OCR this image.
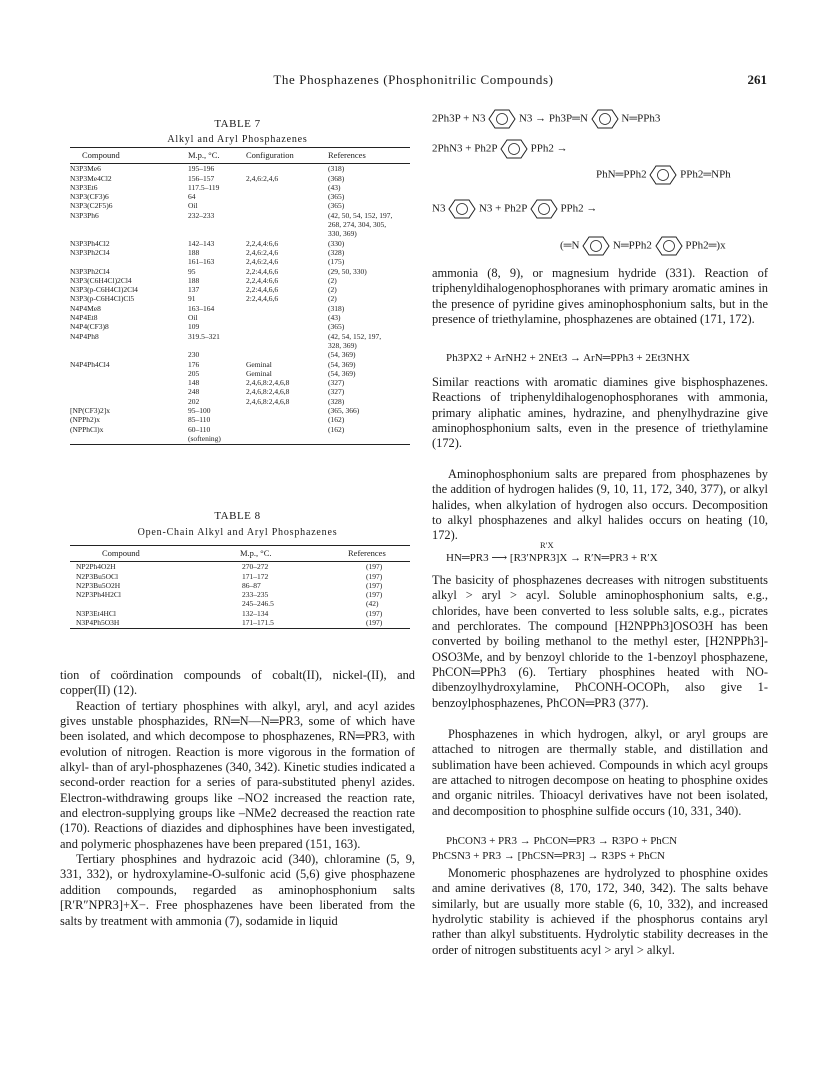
The Phosphazenes (Phosphonitrilic Compounds)	261
TABLE 7
Alkyl and Aryl Phosphazenes
Compound	M.p., °C.	Configuration	References
N3P3Me6	195–196		(318)
N3P3Me4Cl2	156–157	2,4,6:2,4,6	(368)
N3P3Et6	117.5–119		(43)
N3P3(CF3)6	64		(365)
N3P3(C2F5)6	Oil		(365)
N3P3Ph6	232–233		(42, 50, 54, 152, 197,
			268, 274, 304, 305,
			330, 369)
N3P3Ph4Cl2	142–143	2,2,4,4:6,6	(330)
N3P3Ph2Cl4	188	2,4,6:2,4,6	(328)
	161–163	2,4,6:2,4,6	(175)
N3P3Ph2Cl4	95	2,2:4,4,6,6	(29, 50, 330)
N3P3(C6H4Cl)2Cl4	188	2,2,4,4:6,6	(2)
N3P3(p-C6H4Cl)2Cl4	137	2,2:4,4,6,6	(2)
N3P3(p-C6H4Cl)Cl5	91	2:2,4,4,6,6	(2)
N4P4Me8	163–164		(318)
N4P4Et8	Oil		(43)
N4P4(CF3)8	109		(365)
N4P4Ph8	319.5–321		(42, 54, 152, 197,
			328, 369)
	230		(54, 369)
N4P4Ph4Cl4	176	Geminal	(54, 369)
	205	Geminal	(54, 369)
	148	2,4,6,8:2,4,6,8	(327)
	248	2,4,6,8:2,4,6,8	(327)
	202	2,4,6,8:2,4,6,8	(328)
[NP(CF3)2]x	95–100		(365, 366)
(NPPh2)x	85–110		(162)
(NPPhCl)x	60–110		(162)
	(softening)		
TABLE 8
Open-Chain Alkyl and Aryl Phosphazenes
Compound	M.p., °C.	References
NP2Ph4O2H	270–272	(197)
N2P3Bu5OCl	171–172	(197)
N2P3Bu5O2H	86–87	(197)
N2P3Ph4H2Cl	233–235	(197)
	245–246.5	(42)
N3P3Et4HCl	132–134	(197)
N3P4Ph5O3H	171–171.5	(197)

tion of coördination compounds of cobalt(II), nickel-(II), and copper(II) (12).

Reaction of tertiary phosphines with alkyl, aryl, and acyl azides gives unstable phosphazides, RN═N—N═PR3, some of which have been isolated, and which decompose to phosphazenes, RN═PR3, with evolution of nitrogen. Reaction is more vigorous in the formation of alkyl- than of aryl-phosphazenes (340, 342). Kinetic studies indicated a second-order reaction for a series of para-substituted phenyl azides. Electron-withdrawing groups like –NO2 increased the reaction rate, and electron-supplying groups like –NMe2 decreased the reaction rate (170). Reactions of diazides and diphosphines have been investigated, and polymeric phosphazenes have been prepared (151, 163).

Tertiary phosphines and hydrazoic acid (340), chloramine (5, 9, 331, 332), or hydroxylamine-O-sulfonic acid (5,6) give phosphazene addition compounds, regarded as aminophosphonium salts [R′R″NPR3]+X−. Free phosphazenes have been liberated from the salts by treatment with ammonia (7), sodamide in liquid

2Ph3P + N3	N3 → Ph3P═N	N═PPh3
2PhN3 + Ph2P	PPh2 →
PhN═PPh2	PPh2═NPh
N3	N3 + Ph2P	PPh2 →
(═N	N═PPh2	PPh2═)x
ammonia (8, 9), or magnesium hydride (331). Reaction of triphenyldihalogenophosphoranes with primary aromatic amines in the presence of pyridine gives aminophosphonium salts, but in the presence of triethylamine, phosphazenes are obtained (171, 172).
Ph3PX2 + ArNH2 + 2NEt3 → ArN═PPh3 + 2Et3NHX
Similar reactions with aromatic diamines give bisphosphazenes. Reactions of triphenyldihalogenophosphoranes with ammonia, primary aliphatic amines, hydrazine, and phenylhydrazine give aminophosphonium salts, even in the presence of triethylamine (172).
Aminophosphonium salts are prepared from phosphazenes by the addition of hydrogen halides (9, 10, 11, 172, 340, 377), or alkyl halides, when alkylation of hydrogen also occurs. Decomposition to alkyl phosphazenes and alkyl halides occurs on heating (10, 172).
R′X
HN═PR3 ⟶ [R3′NPR3]X → R′N═PR3 + R′X
The basicity of phosphazenes decreases with nitrogen substituents alkyl > aryl > acyl. Soluble aminophosphonium salts, e.g., chlorides, have been converted to less soluble salts, e.g., picrates and perchlorates. The compound [H2NPPh3]OSO3H has been converted by boiling methanol to the methyl ester, [H2NPPh3]-OSO3Me, and by benzoyl chloride to the 1-benzoyl phosphazene, PhCON═PPh3 (6). Tertiary phosphines heated with NO-dibenzoylhydroxylamine, PhCONH-OCOPh, also give 1-benzoylphosphazenes, PhCON═PR3 (377).
Phosphazenes in which hydrogen, alkyl, or aryl groups are attached to nitrogen are thermally stable, and distillation and sublimation have been achieved. Compounds in which acyl groups are attached to nitrogen decompose on heating to phosphine oxides and organic nitriles. Thioacyl derivatives have not been isolated, and decomposition to phosphine sulfide occurs (10, 331, 340).
PhCON3 + PR3 → PhCON═PR3 → R3PO + PhCN
PhCSN3 + PR3 → [PhCSN═PR3] → R3PS + PhCN
Monomeric phosphazenes are hydrolyzed to phosphine oxides and amine derivatives (8, 170, 172, 340, 342). The salts behave similarly, but are usually more stable (6, 10, 332), and increased hydrolytic stability is achieved if the phosphorus contains aryl rather than alkyl substituents. Hydrolytic stability decreases in the order of nitrogen substituents acyl > aryl > alkyl.
